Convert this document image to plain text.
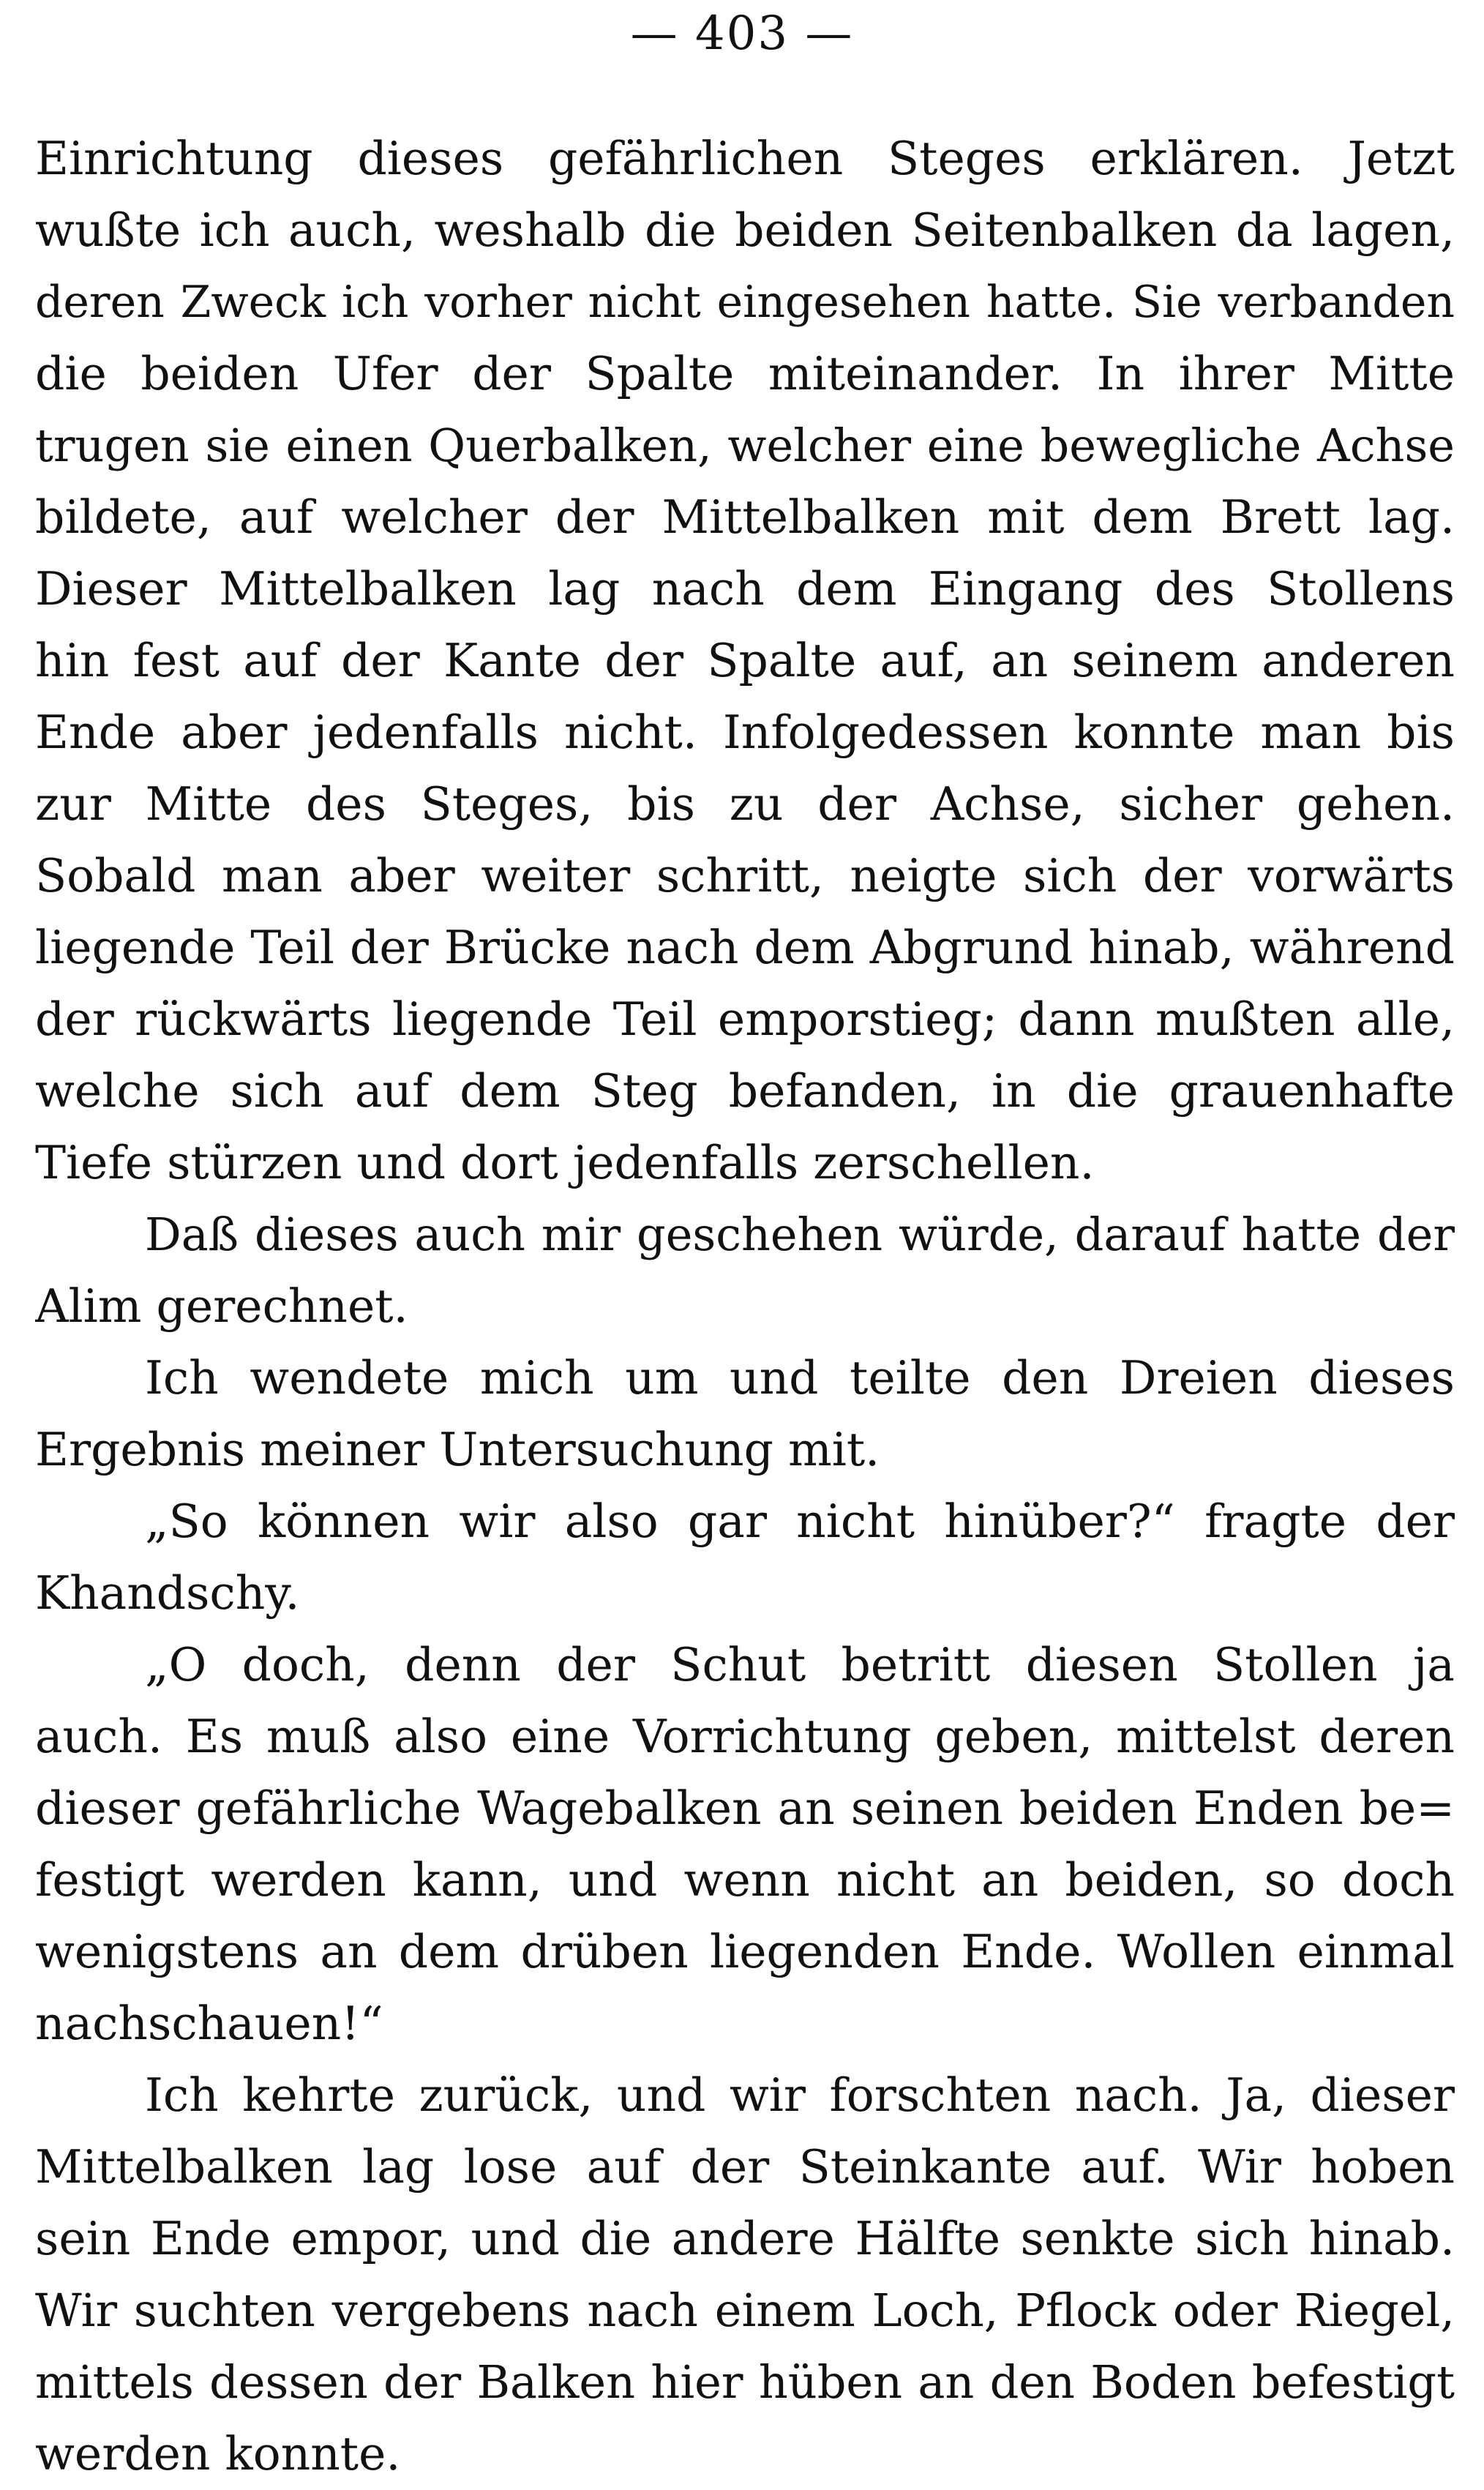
— 403 —
Einrichtung dieses gefährlichen Steges erklären. Jetzt
wußte ich auch, weshalb die beiden Seitenbalken da lagen,
deren Zweck ich vorher nicht eingesehen hatte. Sie verbanden
die beiden Ufer der Spalte miteinander. In ihrer Mitte
trugen sie einen Querbalken, welcher eine bewegliche Achse
bildete, auf welcher der Mittelbalken mit dem Brett lag.
Dieser Mittelbalken lag nach dem Eingang des Stollens
hin fest auf der Kante der Spalte auf, an seinem anderen
Ende aber jedenfalls nicht. Infolgedessen konnte man bis
zur Mitte des Steges, bis zu der Achse, sicher gehen.
Sobald man aber weiter schritt, neigte sich der vorwärts
liegende Teil der Brücke nach dem Abgrund hinab, während
der rückwärts liegende Teil emporstieg; dann mußten alle,
welche sich auf dem Steg befanden, in die grauenhafte
Tiefe stürzen und dort jedenfalls zerschellen.
Daß dieses auch mir geschehen würde, darauf hatte der
Alim gerechnet.
Ich wendete mich um und teilte den Dreien dieses
Ergebnis meiner Untersuchung mit.
„So können wir also gar nicht hinüber?“ fragte der
Khandschy.
„O doch, denn der Schut betritt diesen Stollen ja
auch. Es muß also eine Vorrichtung geben, mittelst deren
dieser gefährliche Wagebalken an seinen beiden Enden be=
festigt werden kann, und wenn nicht an beiden, so doch
wenigstens an dem drüben liegenden Ende. Wollen einmal
nachschauen!“
Ich kehrte zurück, und wir forschten nach. Ja, dieser
Mittelbalken lag lose auf der Steinkante auf. Wir hoben
sein Ende empor, und die andere Hälfte senkte sich hinab.
Wir suchten vergebens nach einem Loch, Pflock oder Riegel,
mittels dessen der Balken hier hüben an den Boden befestigt
werden konnte.
